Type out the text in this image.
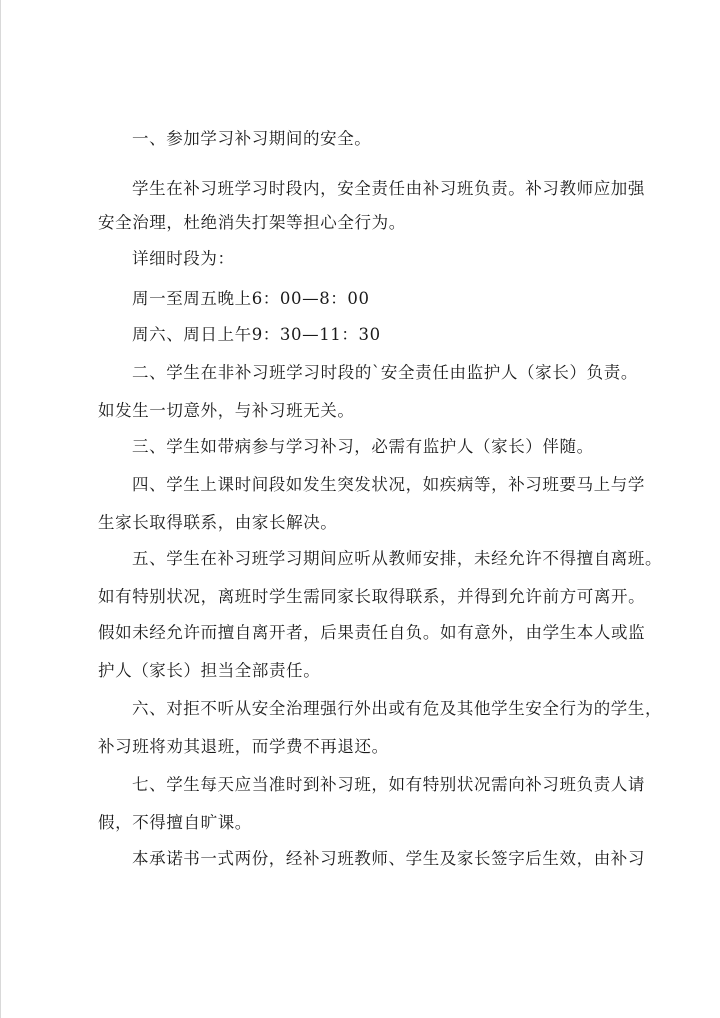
一、参加学习补习期间的安全。
学生在补习班学习时段内，安全责任由补习班负责。补习教师应加强
安全治理，杜绝消失打架等担心全行为。
详细时段为：
周一至周五晚上6：00—8：00
周六、周日上午9：30—11：30
二、学生在非补习班学习时段的`安全责任由监护人（家长）负责。
如发生一切意外，与补习班无关。
三、学生如带病参与学习补习，必需有监护人（家长）伴随。
四、学生上课时间段如发生突发状况，如疾病等，补习班要马上与学
生家长取得联系，由家长解决。
五、学生在补习班学习期间应听从教师安排，未经允许不得擅自离班。
如有特别状况，离班时学生需同家长取得联系，并得到允许前方可离开。
假如未经允许而擅自离开者，后果责任自负。如有意外，由学生本人或监
护人（家长）担当全部责任。
六、对拒不听从安全治理强行外出或有危及其他学生安全行为的学生，
补习班将劝其退班，而学费不再退还。
七、学生每天应当准时到补习班，如有特别状况需向补习班负责人请
假，不得擅自旷课。
本承诺书一式两份，经补习班教师、学生及家长签字后生效，由补习
